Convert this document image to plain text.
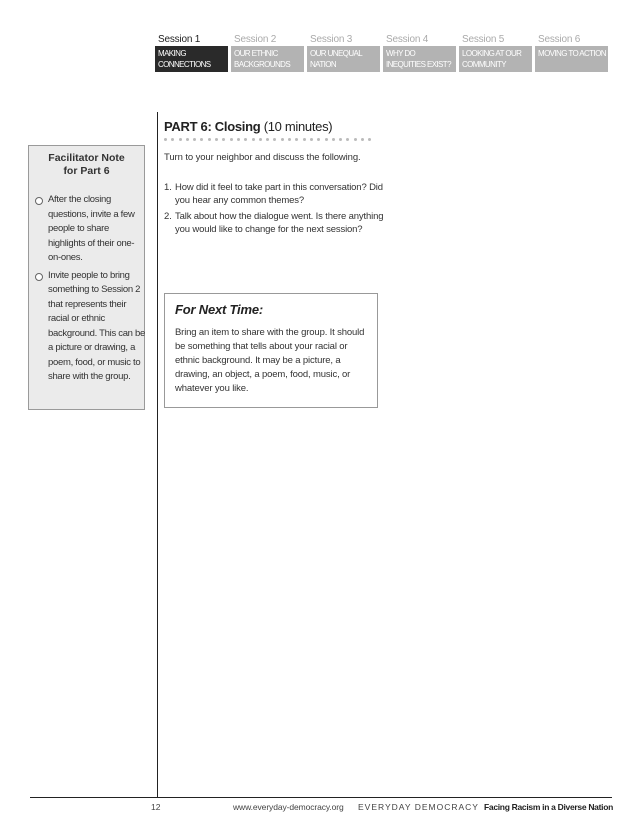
Session 1
MAKING CONNECTIONS
Session 2
OUR ETHNIC BACKGROUNDS
Session 3
OUR UNEQUAL NATION
Session 4
WHY DO INEQUITIES EXIST?
Session 5
LOOKING AT OUR COMMUNITY
Session 6
MOVING TO ACTION
Facilitator Note
for Part 6
After the closing questions, invite a few people to share highlights of their one-on-ones.
Invite people to bring something to Session 2 that represents their racial or ethnic background. This can be a picture or drawing, a poem, food, or music to share with the group.
PART 6: Closing (10 minutes)
Turn to your neighbor and discuss the following.
1. How did it feel to take part in this conversation? Did you hear any common themes?
2. Talk about how the dialogue went. Is there anything you would like to change for the next session?
For Next Time:
Bring an item to share with the group. It should be something that tells about your racial or ethnic background. It may be a picture, a drawing, an object, a poem, food, music, or whatever you like.
12	www.everyday-democracy.org EVERYDAY DEMOCRACY Facing Racism in a Diverse Nation
